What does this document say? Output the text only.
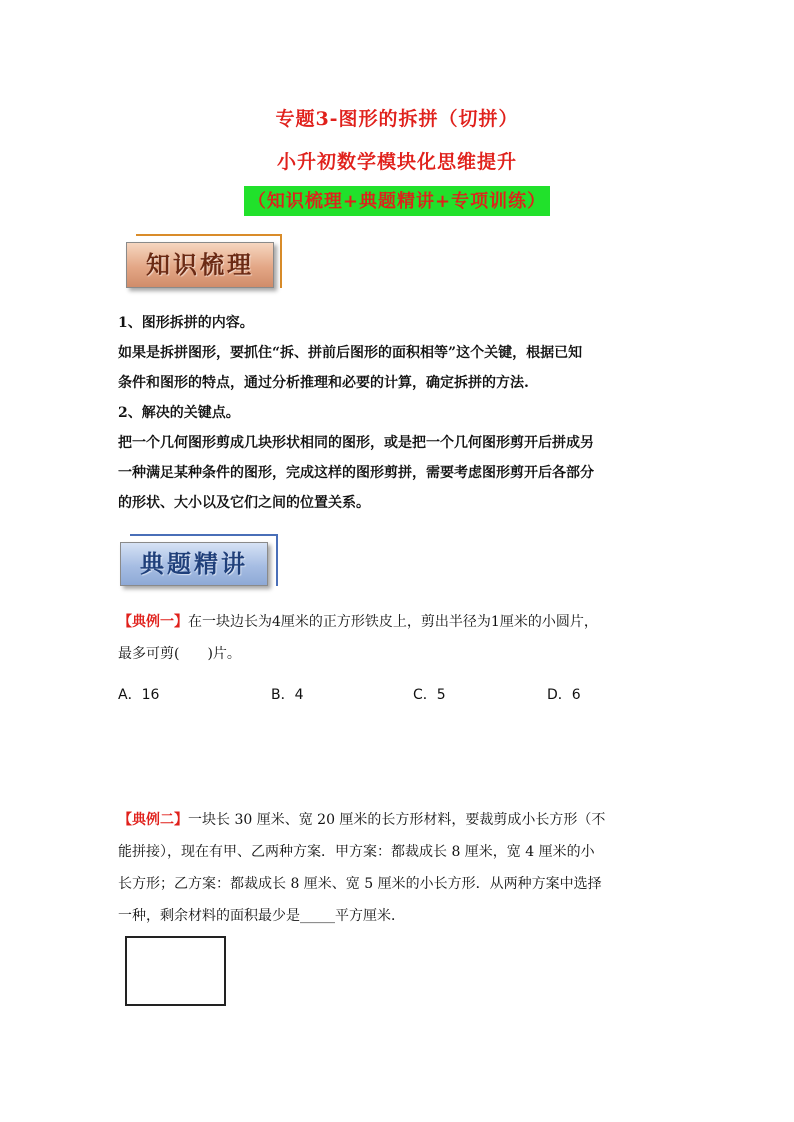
专题3-图形的拆拼（切拼）
小升初数学模块化思维提升
（知识梳理+典题精讲+专项训练）
知识梳理
1、图形拆拼的内容。
如果是拆拼图形，要抓住“拆、拼前后图形的面积相等”这个关键，根据已知
条件和图形的特点，通过分析推理和必要的计算，确定拆拼的方法.
2、解决的关键点。
把一个几何图形剪成几块形状相同的图形，或是把一个几何图形剪开后拼成另
一种满足某种条件的图形，完成这样的图形剪拼，需要考虑图形剪开后各部分
的形状、大小以及它们之间的位置关系。
典题精讲
【典例一】在一块边长为4厘米的正方形铁皮上，剪出半径为1厘米的小圆片，
最多可剪(　　)片。
A．16	B．4	C．5	D．6
【典例二】一块长 30 厘米、宽 20 厘米的长方形材料，要裁剪成小长方形（不
能拼接），现在有甲、乙两种方案．甲方案：都裁成长 8 厘米，宽 4 厘米的小
长方形；乙方案：都裁成长 8 厘米、宽 5 厘米的小长方形．从两种方案中选择
一种，剩余材料的面积最少是_____平方厘米．
